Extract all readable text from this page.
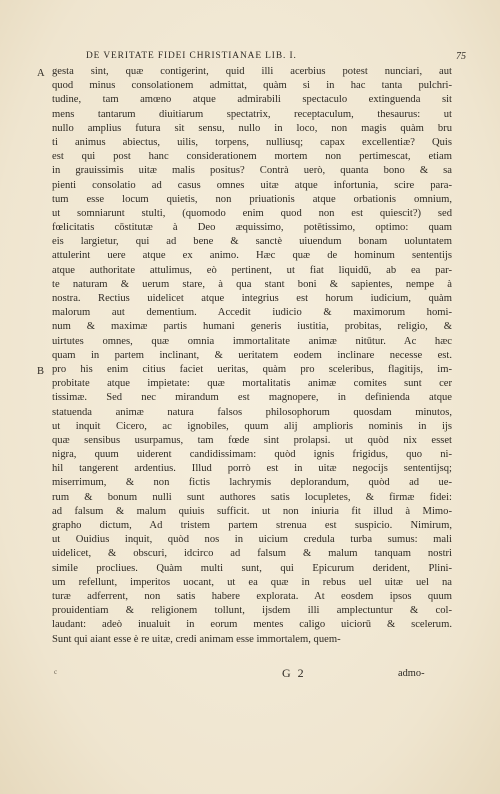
DE VERITATE FIDEI CHRISTIANAE LIB. I.	75
A
B
gesta sint, quæ contigerint, quid illi acerbius potest nunciari, aut
quod minus consolationem admittat, quàm si in hac tanta pulchri-
tudine, tam amœno atque admirabili spectaculo extinguenda sit
mens tantarum diuitiarum spectatrix, receptaculum, thesaurus: ut
nullo amplius futura sit sensu, nullo in loco, non magis quàm bru
ti animus abiectus, uilis, torpens, nulliusq; capax excellentiæ? Quis
est qui post hanc considerationem mortem non pertimescat, etiam
in grauissimis uitæ malis positus? Contrà uerò, quanta bono & sa
pienti consolatio ad casus omnes uitæ atque infortunia, scire para-
tum esse locum quietis, non priuationis atque orbationis omnium,
ut somniarunt stulti, (quomodo enim quod non est quiescit?) sed
fœlicitatis cōstitutæ à Deo æquissimo, potētissimo, optimo: quam
eis largietur, qui ad bene & sanctè uiuendum bonam uoluntatem
attulerint uere atque ex animo. Hæc quæ de hominum sententijs
atque authoritate attulimus, eò pertinent, ut fiat liquidū, ab ea par-
te naturam & uerum stare, à qua stant boni & sapientes, nempe à
nostra. Rectius uidelicet atque integrius est horum iudicium, quàm
malorum aut dementium. Accedit iudicio & maximorum homi-
num & maximæ partis humani generis iustitia, probitas, religio, &
uirtutes omnes, quæ omnia immortalitate animæ nitūtur. Ac hæc
quam in partem inclinant, & ueritatem eodem inclinare necesse est.
pro his enim citius faciet ueritas, quàm pro sceleribus, flagitijs, im-
probitate atque impietate: quæ mortalitatis animæ comites sunt cer
tissimæ. Sed nec mirandum est magnopere, in definienda atque
statuenda animæ natura falsos philosophorum quosdam minutos,
ut inquit Cicero, ac ignobiles, quum alij amplioris nominis in ijs
quæ sensibus usurpamus, tam fœde sint prolapsi. ut quòd nix esset
nigra, quum uiderent candidissimam: quòd ignis frigidus, quo ni-
hil tangerent ardentius. Illud porrò est in uitæ negocijs sententijsq;
miserrimum, & non fictis lachrymis deplorandum, quòd ad ue-
rum & bonum nulli sunt authores satis locupletes, & firmæ fidei:
ad falsum & malum quiuis sufficit. ut non iniuria fit illud à Mimo-
grapho dictum, Ad tristem partem strenua est suspicio. Nimirum,
ut Ouidius inquit, quòd nos in uicium credula turba sumus: mali
uidelicet, & obscuri, idcirco ad falsum & malum tanquam nostri
simile procliues. Quàm multi sunt, qui Epicurum derident, Plini-
um refellunt, imperitos uocant, ut ea quæ in rebus uel uitæ uel na
turæ adferrent, non satis habere explorata. At eosdem ipsos quum
prouidentiam & religionem tollunt, ijsdem illi amplectuntur & col-
laudant: adeò inualuit in eorum mentes caligo uiciorū & scelerum.
Sunt qui aiant esse è re uitæ, credi animam esse immortalem, quem-
c	G 2	admo-
